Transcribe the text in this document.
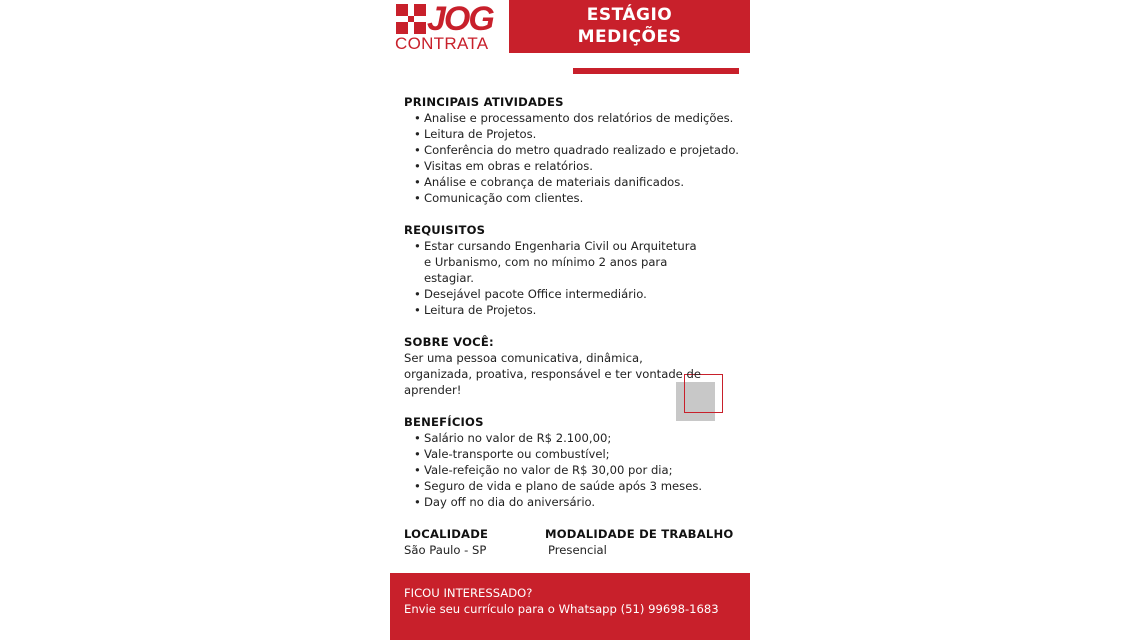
JOG
CONTRATA
ESTÁGIO
MEDIÇÕES
PRINCIPAIS ATIVIDADES
• Analise e processamento dos relatórios de medições.
• Leitura de Projetos.
• Conferência do metro quadrado realizado e projetado.
• Visitas em obras e relatórios.
• Análise e cobrança de materiais danificados.
• Comunicação com clientes.
REQUISITOS
• Estar cursando Engenharia Civil ou Arquitetura e Urbanismo, com no mínimo 2 anos para estagiar.
• Desejável pacote Office intermediário.
• Leitura de Projetos.
SOBRE VOCÊ:

Ser uma pessoa comunicativa, dinâmica, organizada, proativa, responsável e ter vontade de aprender!

BENEFÍCIOS
• Salário no valor de R$ 2.100,00;
• Vale-transporte ou combustível;
• Vale-refeição no valor de R$ 30,00 por dia;
• Seguro de vida e plano de saúde após 3 meses.
• Day off no dia do aniversário.
LOCALIDADE
São Paulo - SP
MODALIDADE DE TRABALHO
Presencial
FICOU INTERESSADO?
Envie seu currículo para o Whatsapp (51) 99698-1683
